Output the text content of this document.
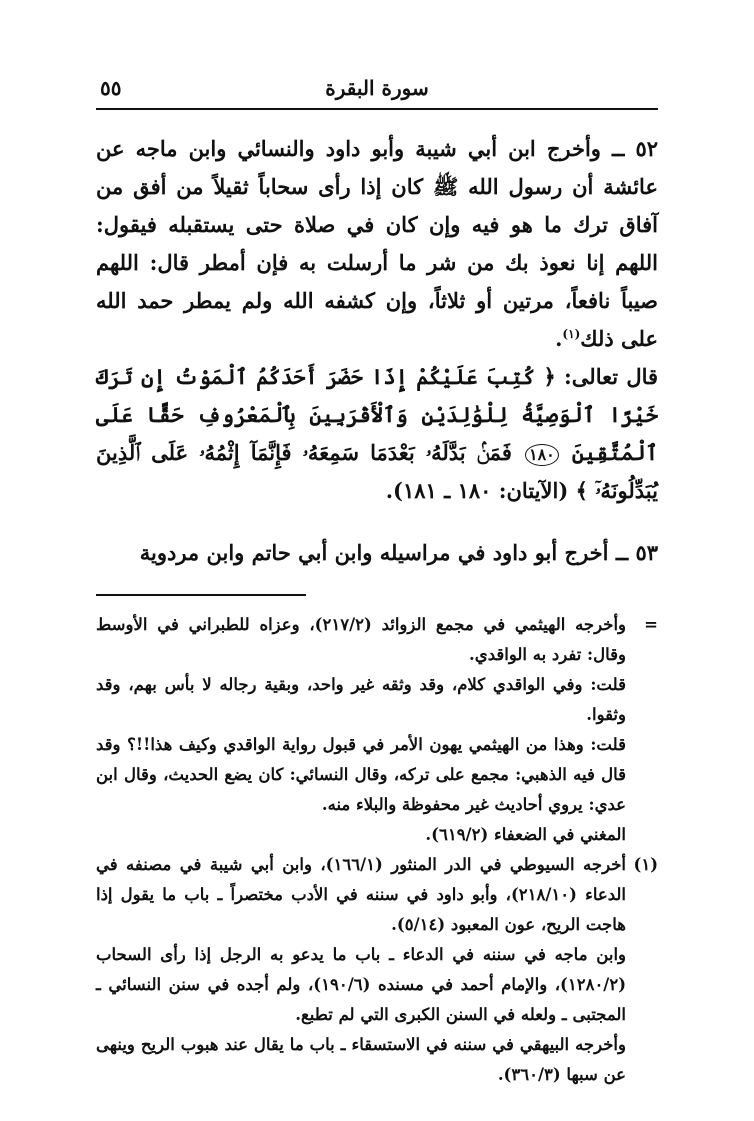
سورة البقرة
٥٥

٥٢ ــ وأخرج ابن أبي شيبة وأبو داود والنسائي وابن ماجه عن عائشة أن رسول الله ﷺ كان إذا رأى سحاباً ثقيلاً من أفق من آفاق ترك ما هو فيه وإن كان في صلاة حتى يستقبله فيقول: اللهم إنا نعوذ بك من شر ما أرسلت به فإن أمطر قال: اللهم صيباً نافعاً، مرتين أو ثلاثاً، وإن كشفه الله ولم يمطر حمد الله على ذلك$^{(١)}$.

قال تعالى: ﴿ كُتِبَ عَلَيْكُمْ إِذَا حَضَرَ أَحَدَكُمُ ٱلْمَوْتُ إِن تَرَكَ خَيْرًا ٱلْوَصِيَّةُ لِلْوَٰلِدَيْنِ وَٱلْأَقْرَبِينَ بِٱلْمَعْرُوفِ حَقًّا عَلَى ٱلْمُتَّقِينَ ١٨٠ فَمَنۢ بَدَّلَهُۥ بَعْدَمَا سَمِعَهُۥ فَإِنَّمَآ إِثْمُهُۥ عَلَى ٱلَّذِينَ يُبَدِّلُونَهُۥٓ ﴾ (الآيتان: ١٨٠ ـ ١٨١).

٥٣ ــ أخرج أبو داود في مراسيله وابن أبي حاتم وابن مردوية

=

وأخرجه الهيثمي في مجمع الزوائد (٢١٧/٢)، وعزاه للطبراني في الأوسط وقال: تفرد به الواقدي.

قلت: وفي الواقدي كلام، وقد وثقه غير واحد، وبقية رجاله لا بأس بهم، وقد وثقوا.

قلت: وهذا من الهيثمي يهون الأمر في قبول رواية الواقدي وكيف هذا!!؟ وقد قال فيه الذهبي: مجمع على تركه، وقال النسائي: كان يضع الحديث، وقال ابن عدي: يروي أحاديث غير محفوظة والبلاء منه.

المغني في الضعفاء (٦١٩/٢).

(١)

أخرجه السيوطي في الدر المنثور (١٦٦/١)، وابن أبي شيبة في مصنفه في الدعاء (٢١٨/١٠)، وأبو داود في سننه في الأدب مختصراً ـ باب ما يقول إذا هاجت الريح، عون المعبود (٥/١٤).

وابن ماجه في سننه في الدعاء ـ باب ما يدعو به الرجل إذا رأى السحاب (١٢٨٠/٢)، والإمام أحمد في مسنده (١٩٠/٦)، ولم أجده في سنن النسائي ـ المجتبى ـ ولعله في السنن الكبرى التي لم تطبع.

وأخرجه البيهقي في سننه في الاستسقاء ـ باب ما يقال عند هبوب الريح وينهى عن سبها (٣٦٠/٣).
